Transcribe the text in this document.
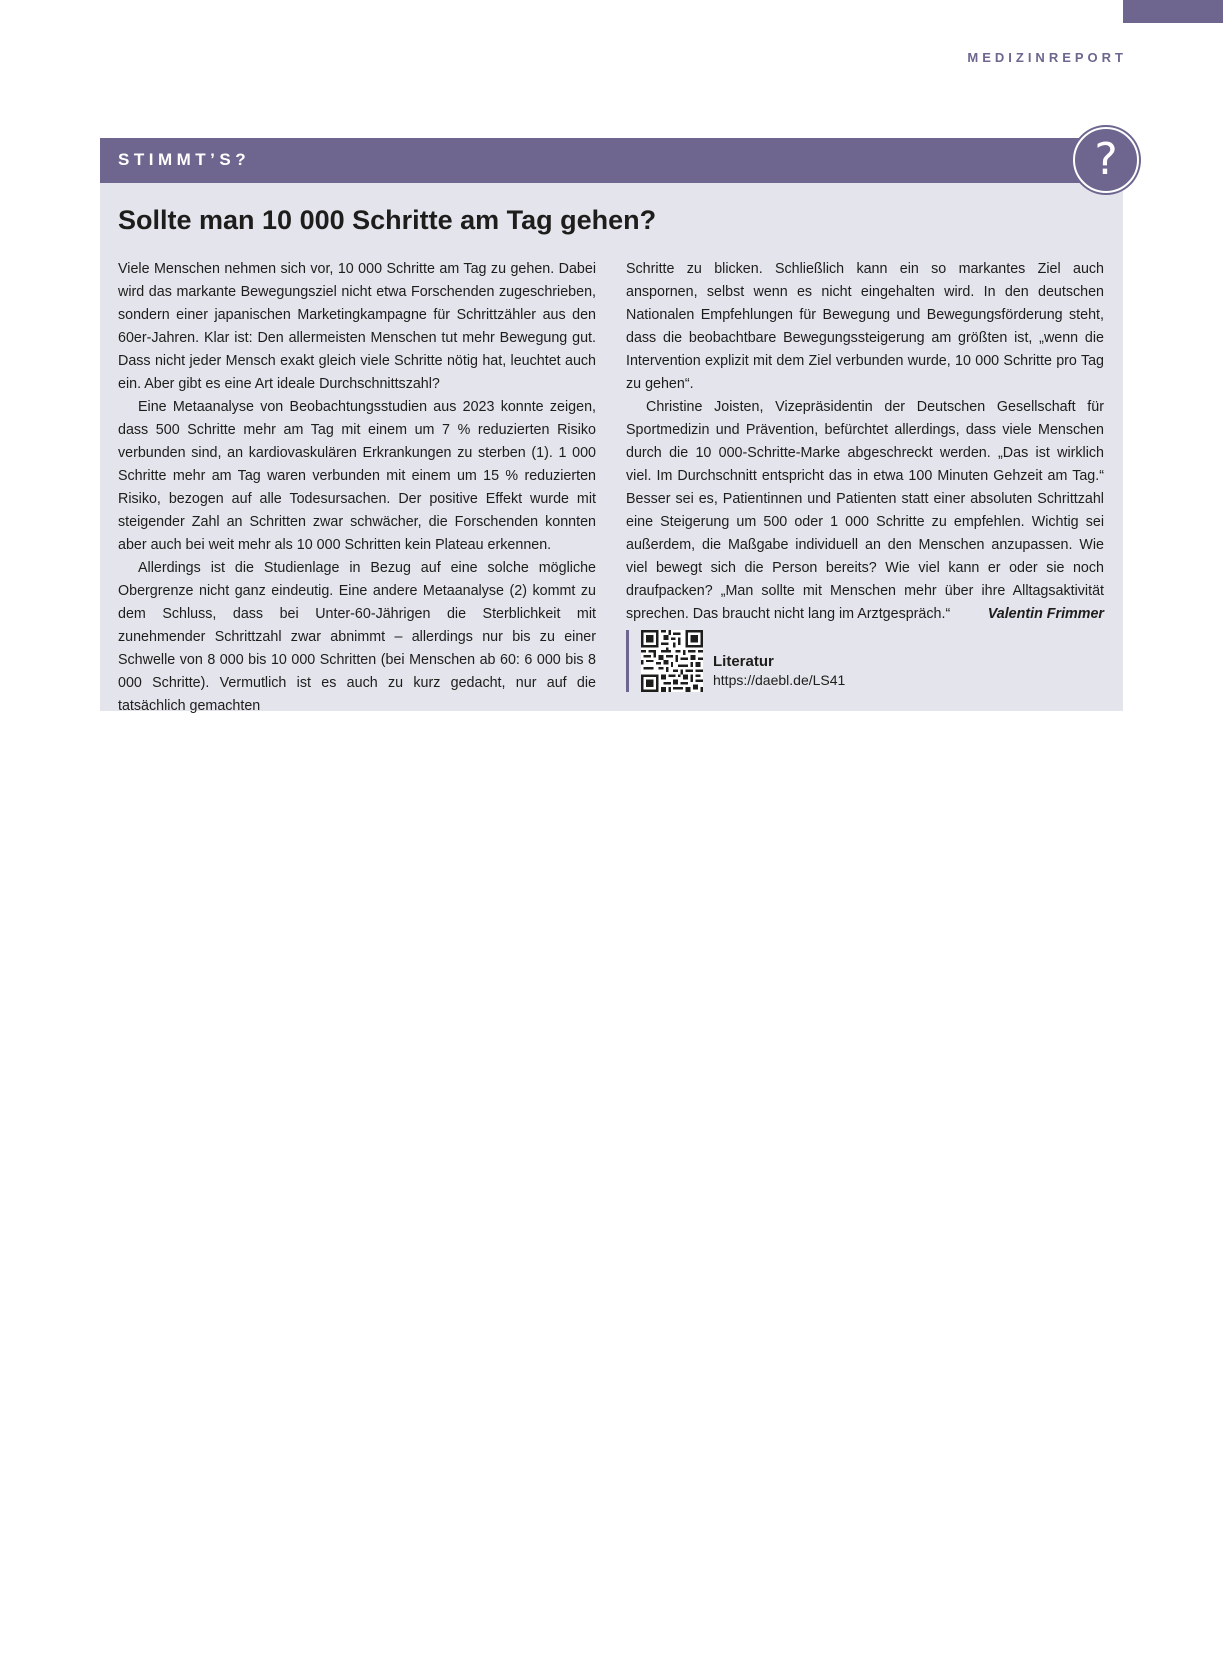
MEDIZINREPORT
STIMMT’S?
Sollte man 10 000 Schritte am Tag gehen?

Viele Menschen nehmen sich vor, 10 000 Schritte am Tag zu gehen. Dabei wird das markante Bewegungsziel nicht etwa Forschenden zugeschrieben, sondern einer japanischen Marketingkampagne für Schrittzähler aus den 60er-Jahren. Klar ist: Den allermeisten Menschen tut mehr Bewegung gut. Dass nicht jeder Mensch exakt gleich viele Schritte nötig hat, leuchtet auch ein. Aber gibt es eine Art ideale Durchschnittszahl?

Eine Metaanalyse von Beobachtungsstudien aus 2023 konnte zeigen, dass 500 Schritte mehr am Tag mit einem um 7 % reduzierten Risiko verbunden sind, an kardiovaskulären Erkrankungen zu sterben (1). 1 000 Schritte mehr am Tag waren verbunden mit einem um 15 % reduzierten Risiko, bezogen auf alle Todesursachen. Der positive Effekt wurde mit steigender Zahl an Schritten zwar schwächer, die Forschenden konnten aber auch bei weit mehr als 10 000 Schritten kein Plateau erkennen.

Allerdings ist die Studienlage in Bezug auf eine solche mögliche Obergrenze nicht ganz eindeutig. Eine andere Metaanalyse (2) kommt zu dem Schluss, dass bei Unter-60-Jährigen die Sterblichkeit mit zunehmender Schrittzahl zwar abnimmt – allerdings nur bis zu einer Schwelle von 8 000 bis 10 000 Schritten (bei Menschen ab 60: 6 000 bis 8 000 Schritte). Vermutlich ist es auch zu kurz gedacht, nur auf die tatsächlich gemachten

Schritte zu blicken. Schließlich kann ein so markantes Ziel auch anspornen, selbst wenn es nicht eingehalten wird. In den deutschen Nationalen Empfehlungen für Bewegung und Bewegungsförderung steht, dass die beobachtbare Bewegungssteigerung am größten ist, „wenn die Intervention explizit mit dem Ziel verbunden wurde, 10 000 Schritte pro Tag zu gehen“.

Christine Joisten, Vizepräsidentin der Deutschen Gesellschaft für Sportmedizin und Prävention, befürchtet allerdings, dass viele Menschen durch die 10 000-Schritte-Marke abgeschreckt werden. „Das ist wirklich viel. Im Durchschnitt entspricht das in etwa 100 Minuten Gehzeit am Tag.“ Besser sei es, Patientinnen und Patienten statt einer absoluten Schrittzahl eine Steigerung um 500 oder 1 000 Schritte zu empfehlen. Wichtig sei außerdem, die Maßgabe individuell an den Menschen anzupassen. Wie viel bewegt sich die Person bereits? Wie viel kann er oder sie noch draufpacken? „Man sollte mit Menschen mehr über ihre Alltagsaktivität sprechen. Das braucht nicht lang im Arztgespräch.“	Valentin Frimmer

Literatur
https://daebl.de/LS41
?
